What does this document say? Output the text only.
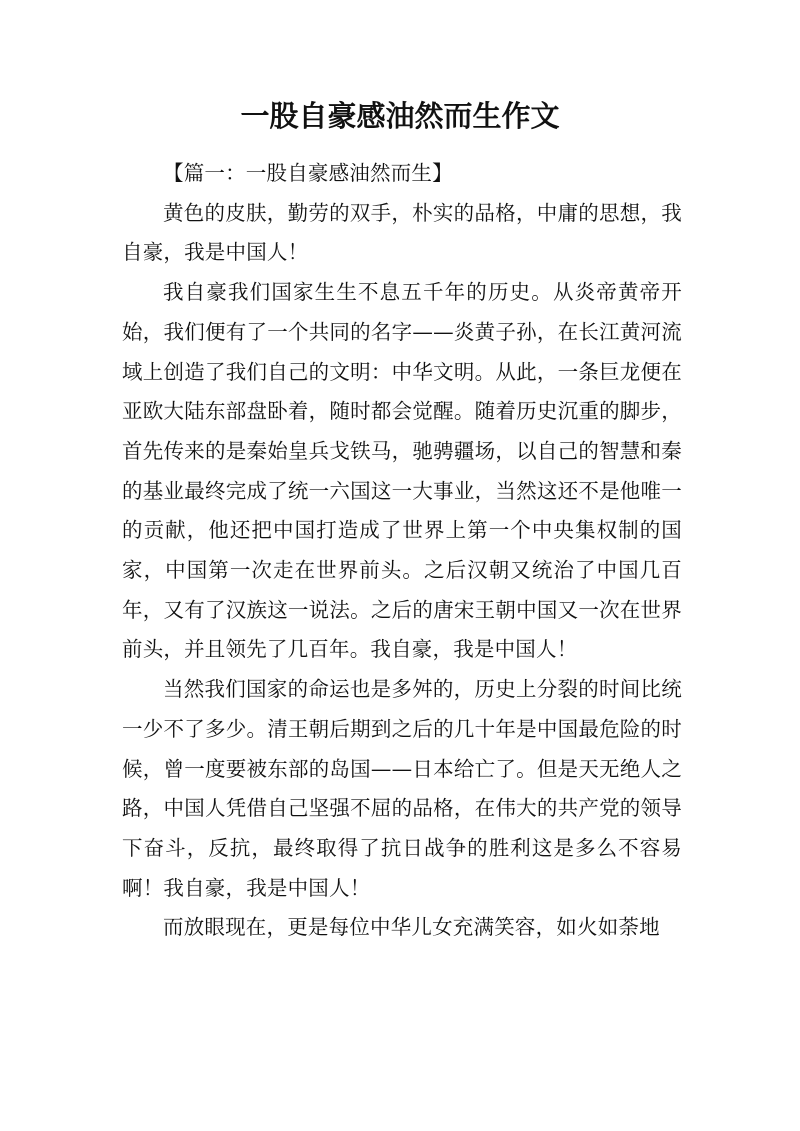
一股自豪感油然而生作文

【篇一：一股自豪感油然而生】

黄色的皮肤，勤劳的双手，朴实的品格，中庸的思想，我自豪，我是中国人！

我自豪我们国家生生不息五千年的历史。从炎帝黄帝开始，我们便有了一个共同的名字——炎黄子孙，在长江黄河流域上创造了我们自己的文明：中华文明。从此，一条巨龙便在亚欧大陆东部盘卧着，随时都会觉醒。随着历史沉重的脚步，首先传来的是秦始皇兵戈铁马，驰骋疆场，以自己的智慧和秦的基业最终完成了统一六国这一大事业，当然这还不是他唯一的贡献，他还把中国打造成了世界上第一个中央集权制的国家，中国第一次走在世界前头。之后汉朝又统治了中国几百年，又有了汉族这一说法。之后的唐宋王朝中国又一次在世界前头，并且领先了几百年。我自豪，我是中国人！

当然我们国家的命运也是多舛的，历史上分裂的时间比统一少不了多少。清王朝后期到之后的几十年是中国最危险的时候，曾一度要被东部的岛国——日本给亡了。但是天无绝人之路，中国人凭借自己坚强不屈的品格，在伟大的共产党的领导下奋斗，反抗，最终取得了抗日战争的胜利这是多么不容易啊！我自豪，我是中国人！

而放眼现在，更是每位中华儿女充满笑容，如火如荼地
